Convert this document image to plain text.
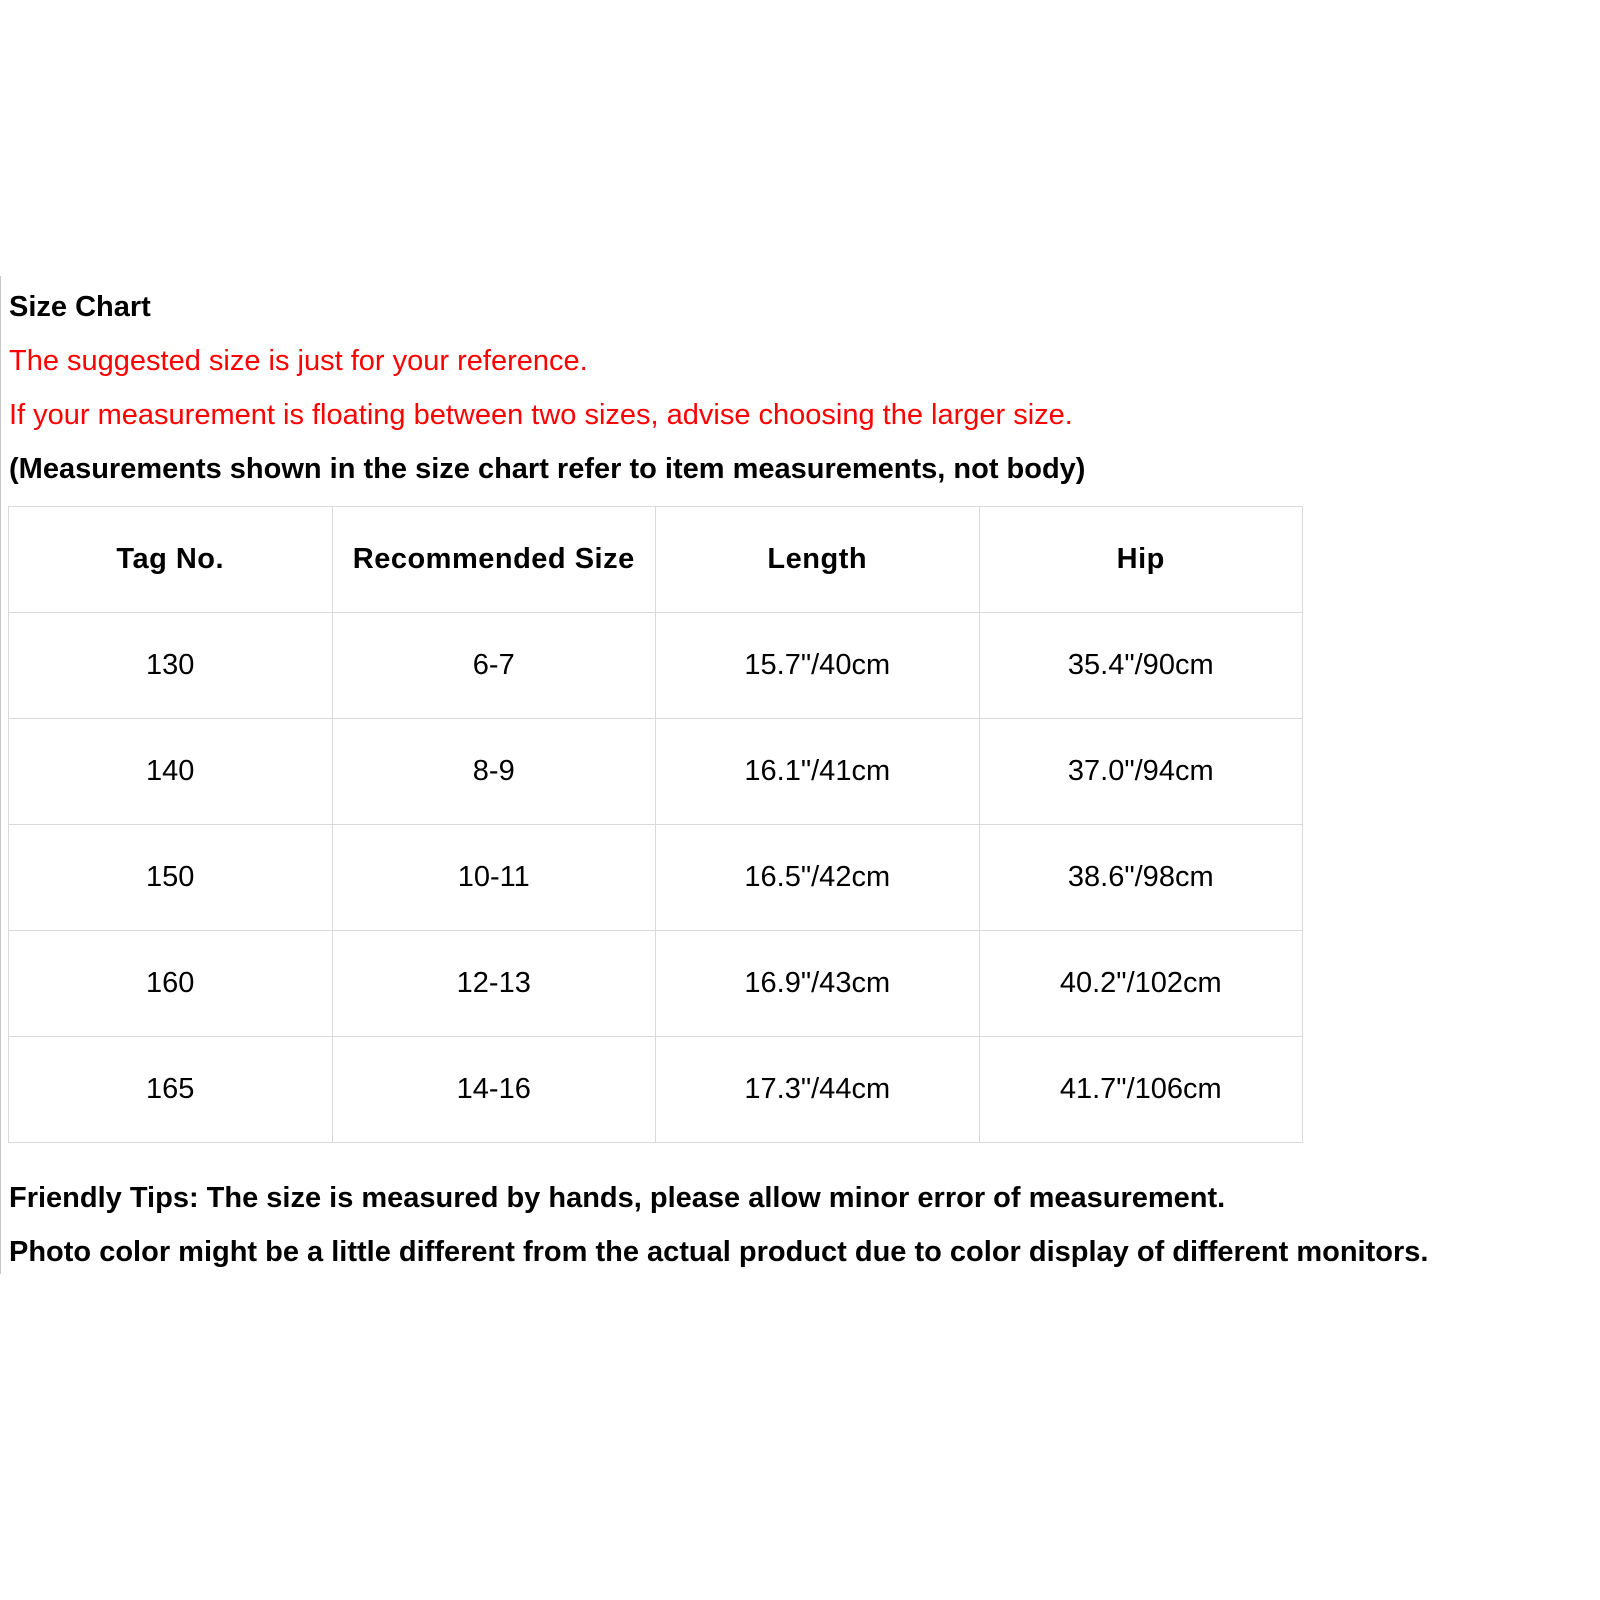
Size Chart
The suggested size is just for your reference.
If your measurement is floating between two sizes, advise choosing the larger size.
(Measurements shown in the size chart refer to item measurements, not body)
Tag No.	Recommended Size	Length	Hip
130	6-7	15.7"/40cm	35.4"/90cm
140	8-9	16.1"/41cm	37.0"/94cm
150	10-11	16.5"/42cm	38.6"/98cm
160	12-13	16.9"/43cm	40.2"/102cm
165	14-16	17.3"/44cm	41.7"/106cm
Friendly Tips: The size is measured by hands, please allow minor error of measurement.
Photo color might be a little different from the actual product due to color display of different monitors.
